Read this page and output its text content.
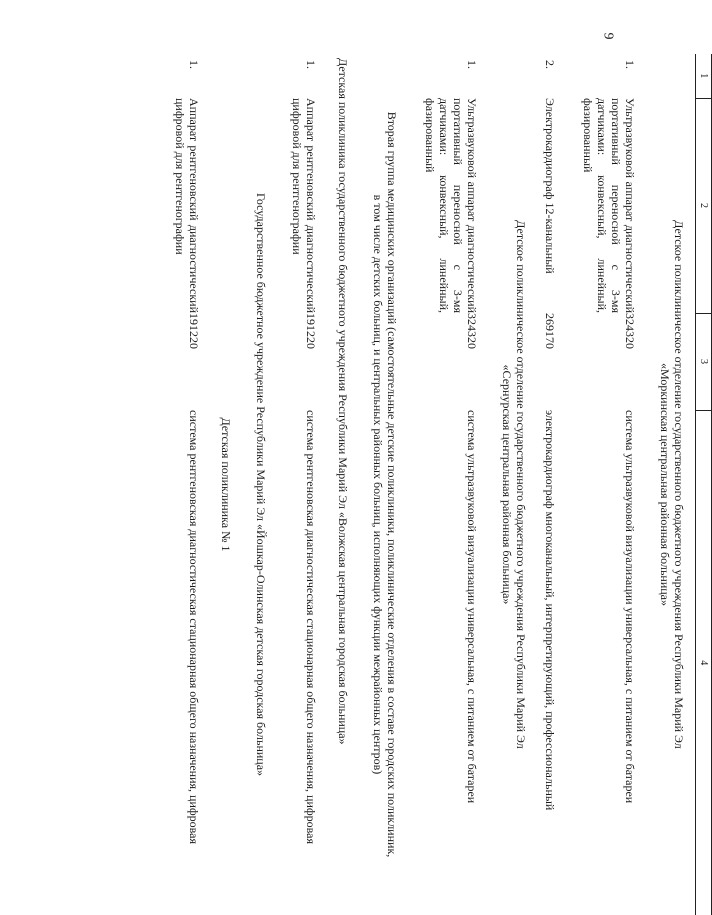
9
1	2	3	4

Детское поликлиническое отделение государственного бюджетного учреждения Республики Марий Эл
«Моркинская центральная районная больница»			

1.	Ультразвуковой аппарат диагностический портативный переносной с 3-мя датчиками: конвексный, линейный, фазированный	324320	система ультразвуковой визуализации универсальная, с питанием от батареи
2.	Электрокардиограф 12-канальный	269170	электрокардиограф многоканальный, интерпретирующий, профессиональный

Детское поликлиническое отделение государственного бюджетного учреждения Республики Марий Эл
«Сернурская центральная районная больница»			

1.	Ультразвуковой аппарат диагностический портативный переносной с 3-мя датчиками: конвексный, линейный, фазированный	324320	система ультразвуковой визуализации универсальная, с питанием от батареи

Вторая группа медицинских организаций (самостоятельные детские поликлиники, поликлинические отделения в составе городских поликлиник,
в том числе детских больниц, и центральных районных больниц, исполняющих функции межрайонных центров)			

Детская поликлиника государственного бюджетного учреждения Республики Марий Эл «Волжская центральная городская больница»			
1.	Аппарат рентгеновский диагностический цифровой для рентгенографии	191220	система рентгеновская диагностическая стационарная общего назначения, цифровая
Государственное бюджетное учреждение Республики Марий Эл «Йошкар-Олинская детская городская больница»			
Детская поликлиника № 1			
1.	Аппарат рентгеновский диагностический цифровой для рентгенографии	191220	система рентгеновская диагностическая стационарная общего назначения, цифровая
